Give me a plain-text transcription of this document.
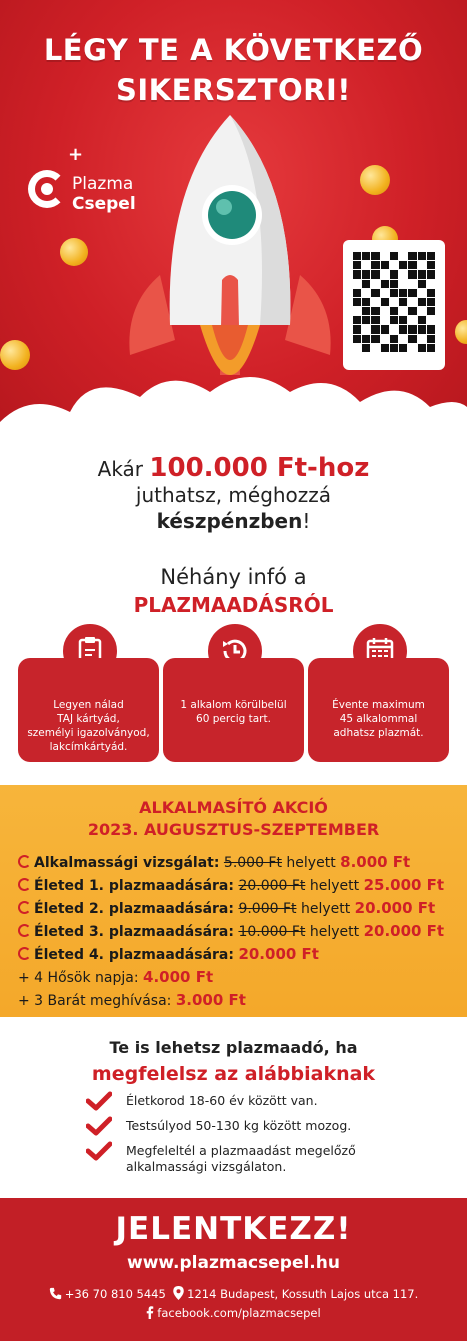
LÉGY TE A KÖVETKEZŐ
SIKERSZTORI!
+
Plazma
Csepel
Akár 100.000 Ft-hoz
juthatsz, méghozzá
készpénzben!
Néhány infó a
PLAZMAADÁSRÓL
Legyen nálad
TAJ kártyád,
személyi igazolványod,
lakcímkártyád.
1 alkalom körülbelül
60 percig tart.
Évente maximum
45 alkalommal
adhatsz plazmát.
ALKALMASÍTÓ AKCIÓ
2023. AUGUSZTUS-SZEPTEMBER
Alkalmassági vizsgálat: 5.000 Ft helyett 8.000 Ft
Életed 1. plazmaadására: 20.000 Ft helyett 25.000 Ft
Életed 2. plazmaadására: 9.000 Ft helyett 20.000 Ft
Életed 3. plazmaadására: 10.000 Ft helyett 20.000 Ft
Életed 4. plazmaadására: 20.000 Ft
+ 4 Hősök napja: 4.000 Ft
+ 3 Barát meghívása: 3.000 Ft
Te is lehetsz plazmaadó, ha
megfelelsz az alábbiaknak
Életkorod 18-60 év között van.
Testsúlyod 50-130 kg között mozog.
Megfeleltél a plazmaadást megelőző alkalmassági vizsgálaton.
JELENTKEZZ!
www.plazmacsepel.hu
+36 70 810 5445 1214 Budapest, Kossuth Lajos utca 117.
facebook.com/plazmacsepel
